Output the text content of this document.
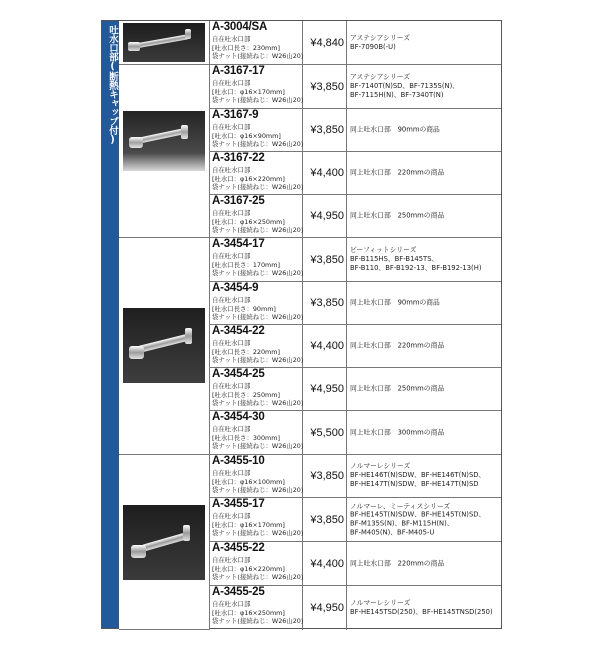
吐水口部(断熱キャップ付)	A-3004/SA
自在吐水口部
[吐水口長さ：230mm]
袋ナット(接続ねじ：W26山20)
¥4,840 アステシアシリーズ
BF-7090B(-U)
A-3167-17
自在吐水口部
[吐水口：φ16×170mm]
袋ナット(接続ねじ：W26山20)
¥3,850
アステシアシリーズ
BF-7140T(N)SD、BF-7135S(N)、
BF-7115H(N)、BF-7340T(N)
A-3167-9
自在吐水口部
[吐水口：φ16×90mm]
袋ナット(接続ねじ：W26山20)
¥3,850 同上吐水口部　90mmの商品
A-3167-22
自在吐水口部
[吐水口：φ16×220mm]
袋ナット(接続ねじ：W26山20)
¥4,400 同上吐水口部　220mmの商品
A-3167-25
自在吐水口部
[吐水口：φ16×250mm]
袋ナット(接続ねじ：W26山20)
¥4,950 同上吐水口部　250mmの商品
A-3454-17
自在吐水口部
[吐水口長さ：170mm]
袋ナット(接続ねじ：W26山20)
¥3,850
ビーフィットシリーズ
BF-B115HS、BF-B145TS、
BF-B110、BF-B192-13、BF-B192-13(H)
A-3454-9
自在吐水口部
[吐水口長さ：90mm]
袋ナット(接続ねじ：W26山20)
¥3,850 同上吐水口部　90mmの商品
A-3454-22
自在吐水口部
[吐水口長さ：220mm]
袋ナット(接続ねじ：W26山20)
¥4,400 同上吐水口部　220mmの商品
A-3454-25
自在吐水口部
[吐水口長さ：250mm]
袋ナット(接続ねじ：W26山20)
¥4,950 同上吐水口部　250mmの商品
A-3454-30
自在吐水口部
[吐水口長さ：300mm]
袋ナット(接続ねじ：W26山20)
¥5,500 同上吐水口部　300mmの商品
A-3455-10
自在吐水口部
[吐水口：φ16×100mm]
袋ナット(接続ねじ：W26山20)
¥3,850
ノルマーレシリーズ
BF-HE146T(N)SDW、BF-HE146T(N)SD、
BF-HE147T(N)SDW、BF-HE147T(N)SD
A-3455-17
自在吐水口部
[吐水口：φ16×170mm]
袋ナット(接続ねじ：W26山20)
¥3,850
ノルマーレ、ミーティスシリーズ
BF-HE145T(N)SDW、BF-HE145T(N)SD、
BF-M135S(N)、BF-M115H(N)、
BF-M405(N)、BF-M405-U
A-3455-22
自在吐水口部
[吐水口：φ16×220mm]
袋ナット(接続ねじ：W26山20)
¥4,400 同上吐水口部　220mmの商品
A-3455-25
自在吐水口部
[吐水口：φ16×250mm]
袋ナット(接続ねじ：W26山20)
¥4,950 ノルマーレシリーズ
BF-HE145TSD(250)、BF-HE145TNSD(250)
